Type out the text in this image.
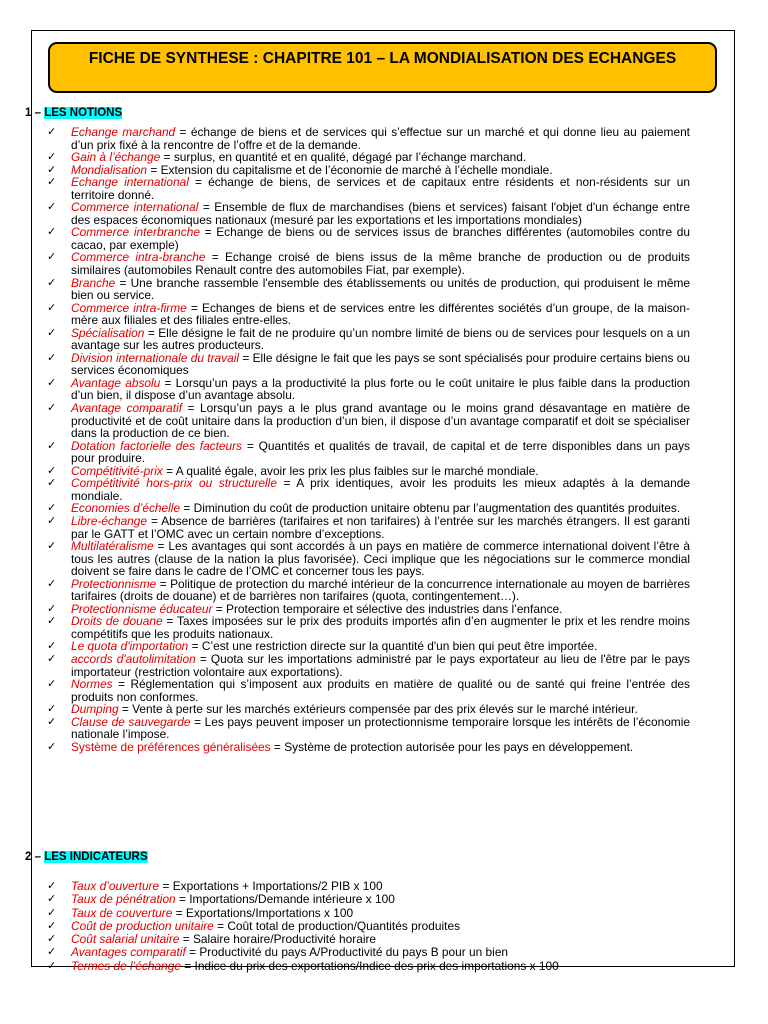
FICHE DE SYNTHESE : CHAPITRE 101 – LA MONDIALISATION DES ECHANGES
1 – LES NOTIONS
✓ Echange marchand = échange de biens et de services qui s’effectue sur un marché et qui donne lieu au paiement d’un prix fixé à la rencontre de l’offre et de la demande.
✓ Gain à l’échange = surplus, en quantité et en qualité, dégagé par l’échange marchand.
✓ Mondialisation = Extension du capitalisme et de l’économie de marché à l’échelle mondiale.
✓ Echange international = échange de biens, de services et de capitaux entre résidents et non-résidents sur un territoire donné.
✓ Commerce international = Ensemble de flux de marchandises (biens et services) faisant l'objet d'un échange entre des espaces économiques nationaux (mesuré par les exportations et les importations mondiales)
✓ Commerce interbranche = Echange de biens ou de services issus de branches différentes (automobiles contre du cacao, par exemple)
✓ Commerce intra-branche = Echange croisé de biens issus de la même branche de production ou de produits similaires (automobiles Renault contre des automobiles Fiat, par exemple).
✓ Branche = Une branche rassemble l'ensemble des établissements ou unités de production, qui produisent le même bien ou service.
✓ Commerce intra-firme = Echanges de biens et de services entre les différentes sociétés d’un groupe, de la maison-mère aux filiales et des filiales entre-elles.
✓ Spécialisation = Elle désigne le fait de ne produire qu’un nombre limité de biens ou de services pour lesquels on a un avantage sur les autres producteurs.
✓ Division internationale du travail = Elle désigne le fait que les pays se sont spécialisés pour produire certains biens ou services économiques
✓ Avantage absolu = Lorsqu’un pays a la productivité la plus forte ou le coût unitaire le plus faible dans la production d’un bien, il dispose d’un avantage absolu.
✓ Avantage comparatif = Lorsqu’un pays a le plus grand avantage ou le moins grand désavantage en matière de productivité et de coût unitaire dans la production d’un bien, il dispose d’un avantage comparatif et doit se spécialiser dans la production de ce bien.
✓ Dotation factorielle des facteurs = Quantités et qualités de travail, de capital et de terre disponibles dans un pays pour produire.
✓ Compétitivité-prix = A qualité égale, avoir les prix les plus faibles sur le marché mondiale.
✓ Compétitivité hors-prix ou structurelle = A prix identiques, avoir les produits les mieux adaptés à la demande mondiale.
✓ Economies d’échelle = Diminution du coût de production unitaire obtenu par l’augmentation des quantités produites.
✓ Libre-échange = Absence de barrières (tarifaires et non tarifaires) à l’entrée sur les marchés étrangers. Il est garanti par le GATT et l’OMC avec un certain nombre d’exceptions.
✓ Multilatéralisme = Les avantages qui sont accordés à un pays en matière de commerce international doivent l’être à tous les autres (clause de la nation la plus favorisée). Ceci implique que les négociations sur le commerce mondial doivent se faire dans le cadre de l’OMC et concerner tous les pays.
✓ Protectionnisme = Politique de protection du marché intérieur de la concurrence internationale au moyen de barrières tarifaires (droits de douane) et de barrières non tarifaires (quota, contingentement…).
✓ Protectionnisme éducateur = Protection temporaire et sélective des industries dans l’enfance.
✓ Droits de douane = Taxes imposées sur le prix des produits importés afin d’en augmenter le prix et les rendre moins compétitifs que les produits nationaux.
✓ Le quota d'importation = C’est une restriction directe sur la quantité d'un bien qui peut être importée.
✓ accords d'autolimitation = Quota sur les importations administré par le pays exportateur au lieu de l'être par le pays importateur (restriction volontaire aux exportations).
✓ Normes = Réglementation qui s’imposent aux produits en matière de qualité ou de santé qui freine l’entrée des produits non conformes.
✓ Dumping = Vente à perte sur les marchés extérieurs compensée par des prix élevés sur le marché intérieur.
✓ Clause de sauvegarde = Les pays peuvent imposer un protectionnisme temporaire lorsque les intérêts de l’économie nationale l’impose.
✓ Système de préférences généralisées = Système de protection autorisée pour les pays en développement.
2 – LES INDICATEURS
✓ Taux d’ouverture = Exportations + Importations/2 PIB x 100
✓ Taux de pénétration = Importations/Demande intérieure x 100
✓ Taux de couverture = Exportations/Importations x 100
✓ Coût de production unitaire = Coût total de production/Quantités produites
✓ Coût salarial unitaire = Salaire horaire/Productivité horaire
✓ Avantages comparatif = Productivité du pays A/Productivité du pays B pour un bien
✓ Termes de l’échange = Indice du prix des exportations/Indice des prix des importations x 100
